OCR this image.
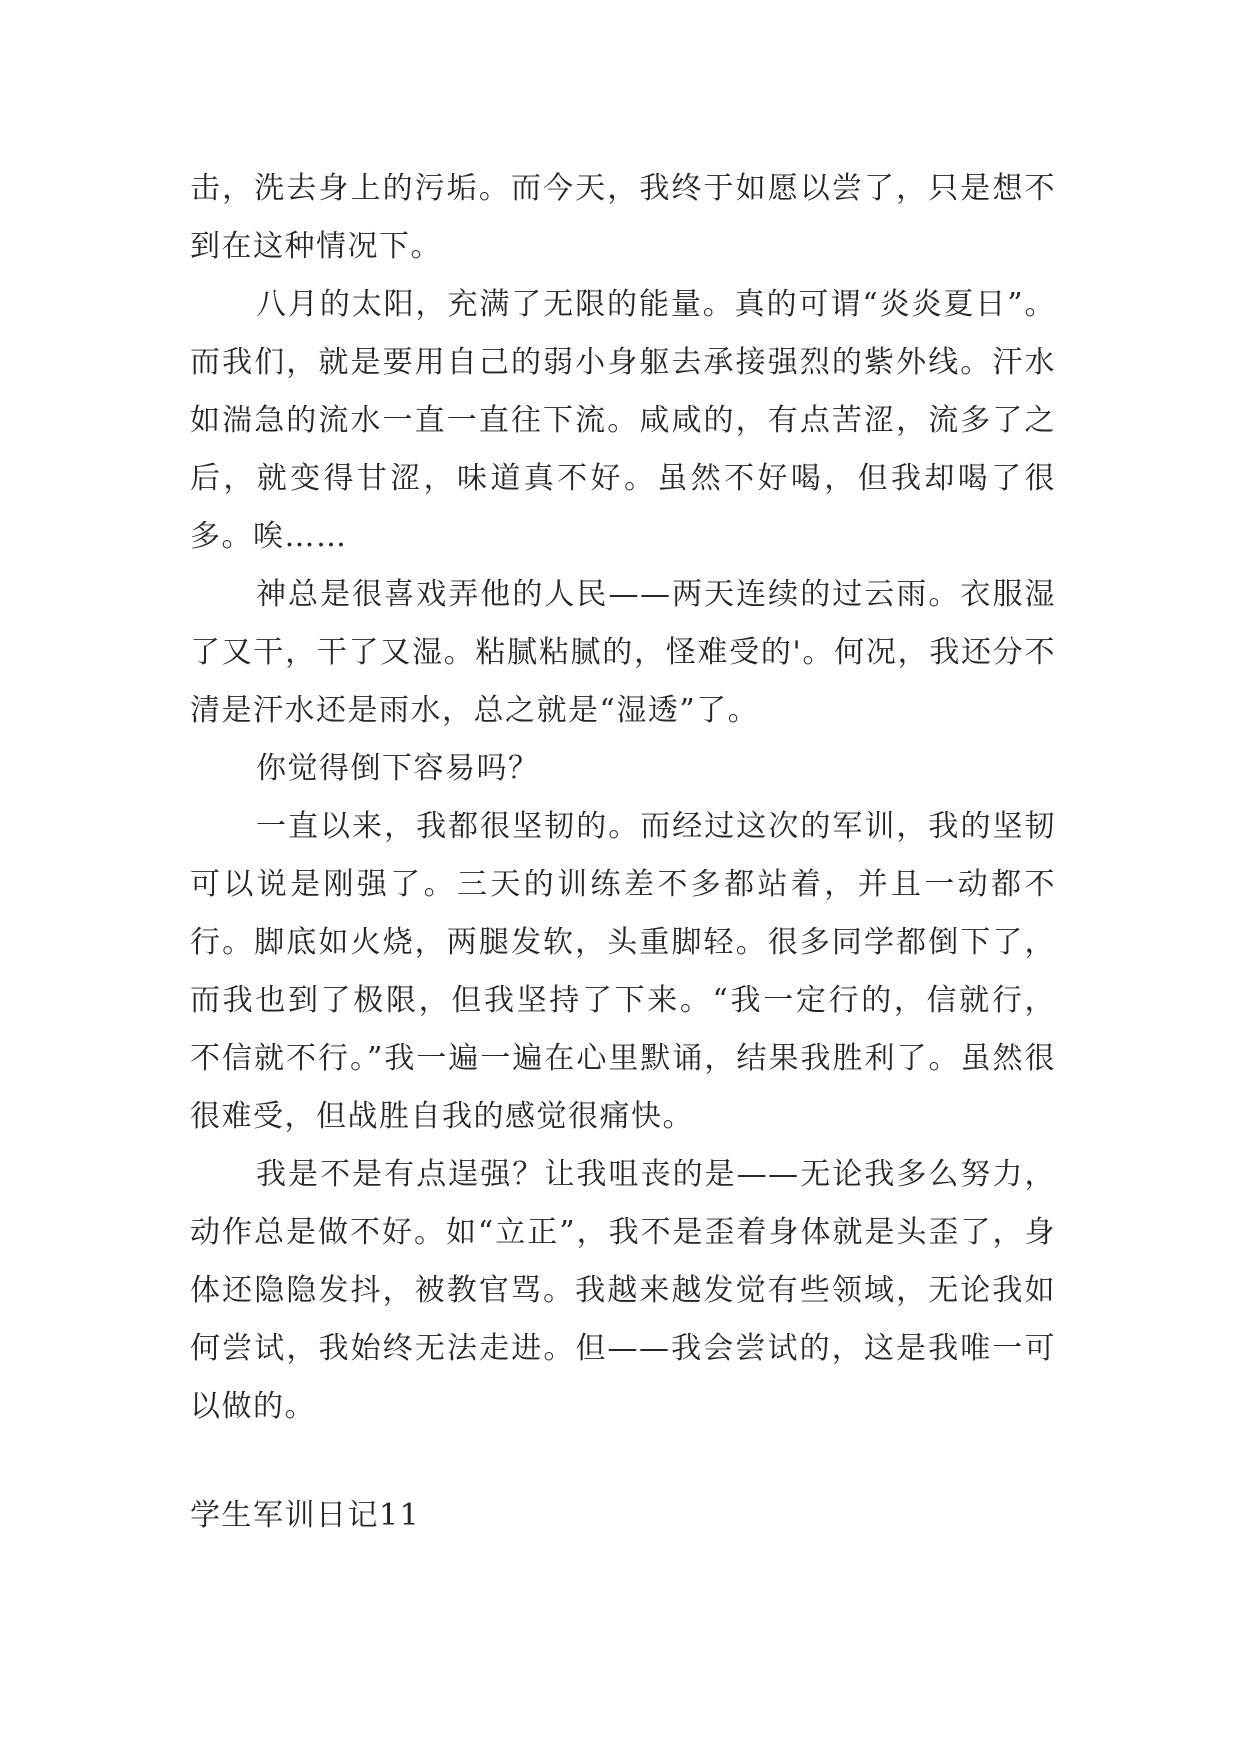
击，洗去身上的污垢。而今天，我终于如愿以尝了，只是想不到在这种情况下。

八月的太阳，充满了无限的能量。真的可谓“炎炎夏日”。而我们，就是要用自己的弱小身躯去承接强烈的紫外线。汗水如湍急的流水一直一直往下流。咸咸的，有点苦涩，流多了之后，就变得甘涩，味道真不好。虽然不好喝，但我却喝了很多。唉……

神总是很喜戏弄他的人民——两天连续的过云雨。衣服湿了又干，干了又湿。粘腻粘腻的，怪难受的'。何况，我还分不清是汗水还是雨水，总之就是“湿透”了。

你觉得倒下容易吗？

一直以来，我都很坚韧的。而经过这次的军训，我的坚韧可以说是刚强了。三天的训练差不多都站着，并且一动都不行。脚底如火烧，两腿发软，头重脚轻。很多同学都倒下了，而我也到了极限，但我坚持了下来。“我一定行的，信就行，不信就不行。”我一遍一遍在心里默诵，结果我胜利了。虽然很很难受，但战胜自我的感觉很痛快。

我是不是有点逞强？让我咀丧的是——无论我多么努力，动作总是做不好。如“立正”，我不是歪着身体就是头歪了，身体还隐隐发抖，被教官骂。我越来越发觉有些领域，无论我如何尝试，我始终无法走进。但——我会尝试的，这是我唯一可以做的。

学生军训日记11
